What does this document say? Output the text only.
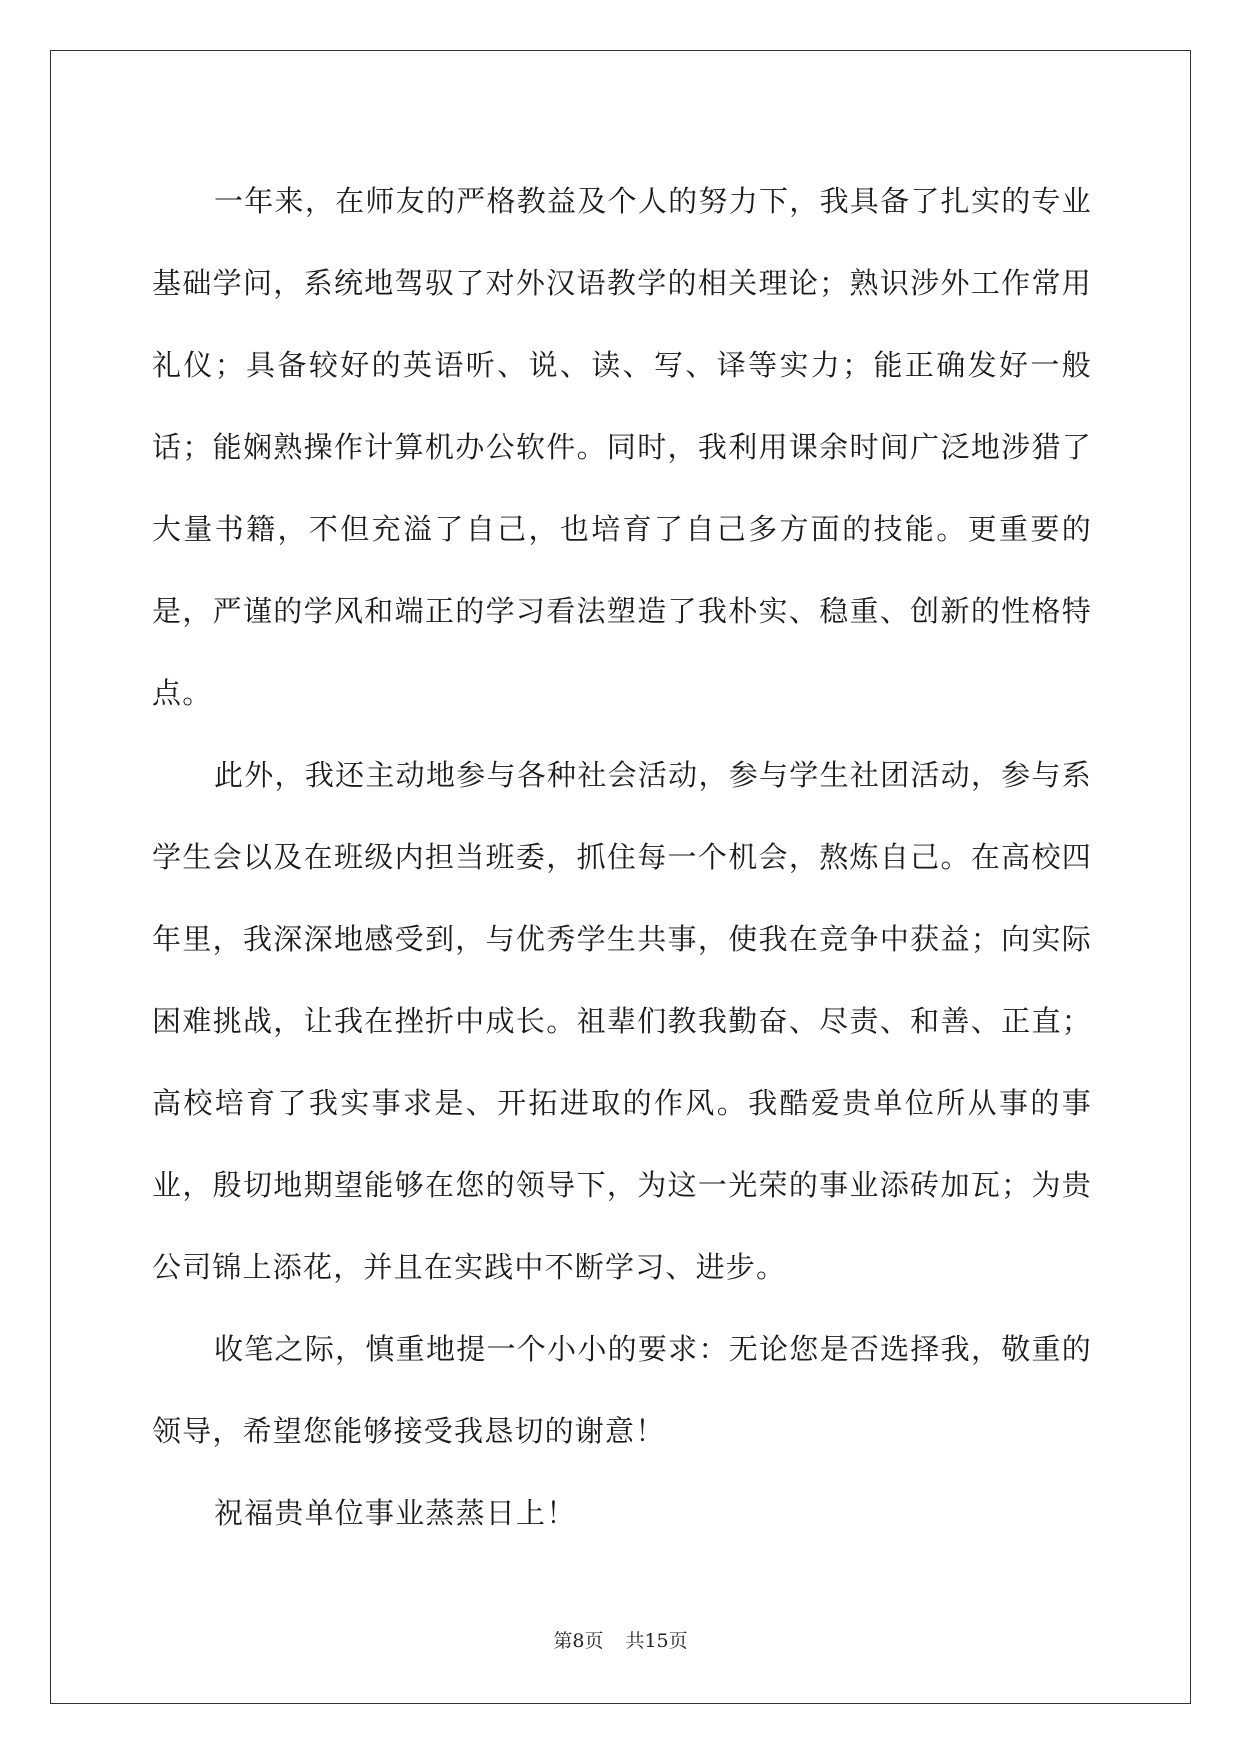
一年来，在师友的严格教益及个人的努力下，我具备了扎实的专业基础学问，系统地驾驭了对外汉语教学的相关理论；熟识涉外工作常用礼仪；具备较好的英语听、说、读、写、译等实力；能正确发好一般话；能娴熟操作计算机办公软件。同时，我利用课余时间广泛地涉猎了大量书籍，不但充溢了自己，也培育了自己多方面的技能。更重要的是，严谨的学风和端正的学习看法塑造了我朴实、稳重、创新的性格特点。

此外，我还主动地参与各种社会活动，参与学生社团活动，参与系学生会以及在班级内担当班委，抓住每一个机会，熬炼自己。在高校四年里，我深深地感受到，与优秀学生共事，使我在竞争中获益；向实际困难挑战，让我在挫折中成长。祖辈们教我勤奋、尽责、和善、正直；高校培育了我实事求是、开拓进取的作风。我酷爱贵单位所从事的事业，殷切地期望能够在您的领导下，为这一光荣的事业添砖加瓦；为贵公司锦上添花，并且在实践中不断学习、进步。

收笔之际，慎重地提一个小小的要求：无论您是否选择我，敬重的领导，希望您能够接受我恳切的谢意！

祝福贵单位事业蒸蒸日上！

第8页 共15页
